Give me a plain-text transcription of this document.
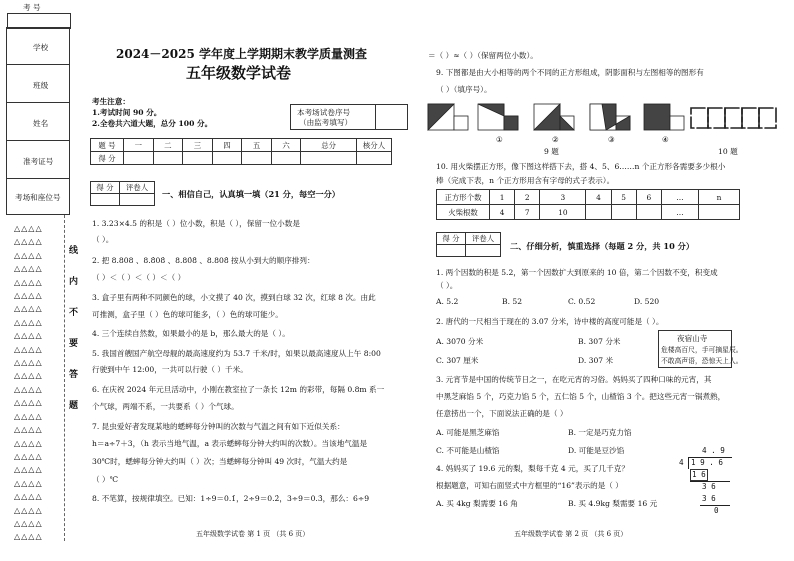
考 号
学校
班级
姓名
准考证号
考场和座位号
△△△△
△△△△
△△△△
△△△△
△△△△
△△△△
△△△△
△△△△
△△△△
△△△△
△△△△
△△△△
△△△△
△△△△
△△△△
△△△△
△△△△
△△△△
△△△△
△△△△
△△△△
△△△△
△△△△
△△△△
线
内
不
要
答
题
2024－2025 学年度上学期期末教学质量测查
五年级数学试卷
考生注意：
1.考试时间 90 分。
2.全卷共六道大题，总分 100 分。
本考场试卷序号
（由监考填写）
题 号	一	二	三	四	五	六	总分	核分人
得 分								
得 分	评卷人

一、相信自己，认真填一填（21 分，每空一分）
1. 3.23×4.5 的积是（ ）位小数，积是（ ），保留一位小数是
（ ）。
2. 把 8.808 、8.8̇08̇ 、8.80̇8̇ 、8.808̇ 按从小到大的顺序排列：
（ ）＜（ ）＜（ ）＜（ ）
3. 盒子里有两种不同颜色的球，小文摸了 40 次，摸到白球 32 次，红球 8 次。由此
可推测，盒子里（ ）色的球可能多，（ ）色的球可能少。
4. 三个连续自然数，如果最小的是 b，那么最大的是（ ）。
5. 我国首艘国产航空母舰的最高速度约为 53.7 千米/时，如果以最高速度从上午 8:00
行驶到中午 12:00，一共可以行驶（ ）千米。
6. 在庆祝 2024 年元旦活动中，小刚在教室拉了一条长 12m 的彩带，每隔 0.8m 系一
个气球，两端不系，一共要系（ ）个气球。
7. 昆虫爱好者发现某地的蟋蟀每分钟叫的次数与气温之间有如下近似关系：
h＝a÷7＋3，（h 表示当地气温，a 表示蟋蟀每分钟大约叫的次数）。当该地气温是
30℃时，蟋蟀每分钟大约叫（ ）次；当蟋蟀每分钟叫 49 次时，气温大约是
（ ）℃
8. 不笔算，按规律填空。已知：1÷9＝0.1̇，2÷9＝0.2̇，3÷9＝0.3̇，那么：6÷9
五年级数学试卷 第 1 页 （共 6 页）
＝（ ）≈（ ）（保留两位小数）。
9. 下图都是由大小相等的两个不同的正方形组成，阴影面积与左图相等的图形有
（ ）（填序号）。
①	②	③	④
9 题	10 题
10. 用火柴摆正方形，像下图这样搭下去，搭 4、5、6……n 个正方形各需要多少根小
棒（完成下表，n 个正方形用含有字母的式子表示）。
正方形个数	1	2	3	4	5	6	…	n
火柴根数	4	7	10				…	
得 分	评卷人

二、仔细分析，慎重选择（每题 2 分，共 10 分）
1. 两个因数的积是 5.2，第一个因数扩大到原来的 10 倍，第二个因数不变，积变成
（ ）。
A. 5.2	B. 52	C. 0.52	D. 520
2. 唐代的一尺相当于现在的 3.07 分米，诗中楼的高度可能是（ ）。
夜宿山寺
危楼高百尺，手可摘星辰。
不敢高声语，恐惊天上人。
A. 3070 分米	B. 307 分米
C. 307 厘米	D. 307 米
3. 元宵节是中国的传统节日之一，在吃元宵的习俗。妈妈买了四种口味的元宵，其
中黑芝麻馅 5 个，巧克力馅 5 个，五仁馅 5 个，山楂馅 3 个。把这些元宵一锅煮熟，
任意捞出一个，下面说法正确的是（ ）
A. 可能是黑芝麻馅	B. 一定是巧克力馅
C. 不可能是山楂馅	D. 可能是豆沙馅
4. 妈妈买了 19.6 元的梨，梨每千克 4 元，买了几千克？
根据题意，可知右面竖式中方框里的“16”表示的是（ ）
A. 买 4kg 梨需要 16 角	B. 买 4.9kg 梨需要 16 元
4 . 9
4 1 9 . 6
1 6
3 6
3 6
0
五年级数学试卷 第 2 页 （共 6 页）
